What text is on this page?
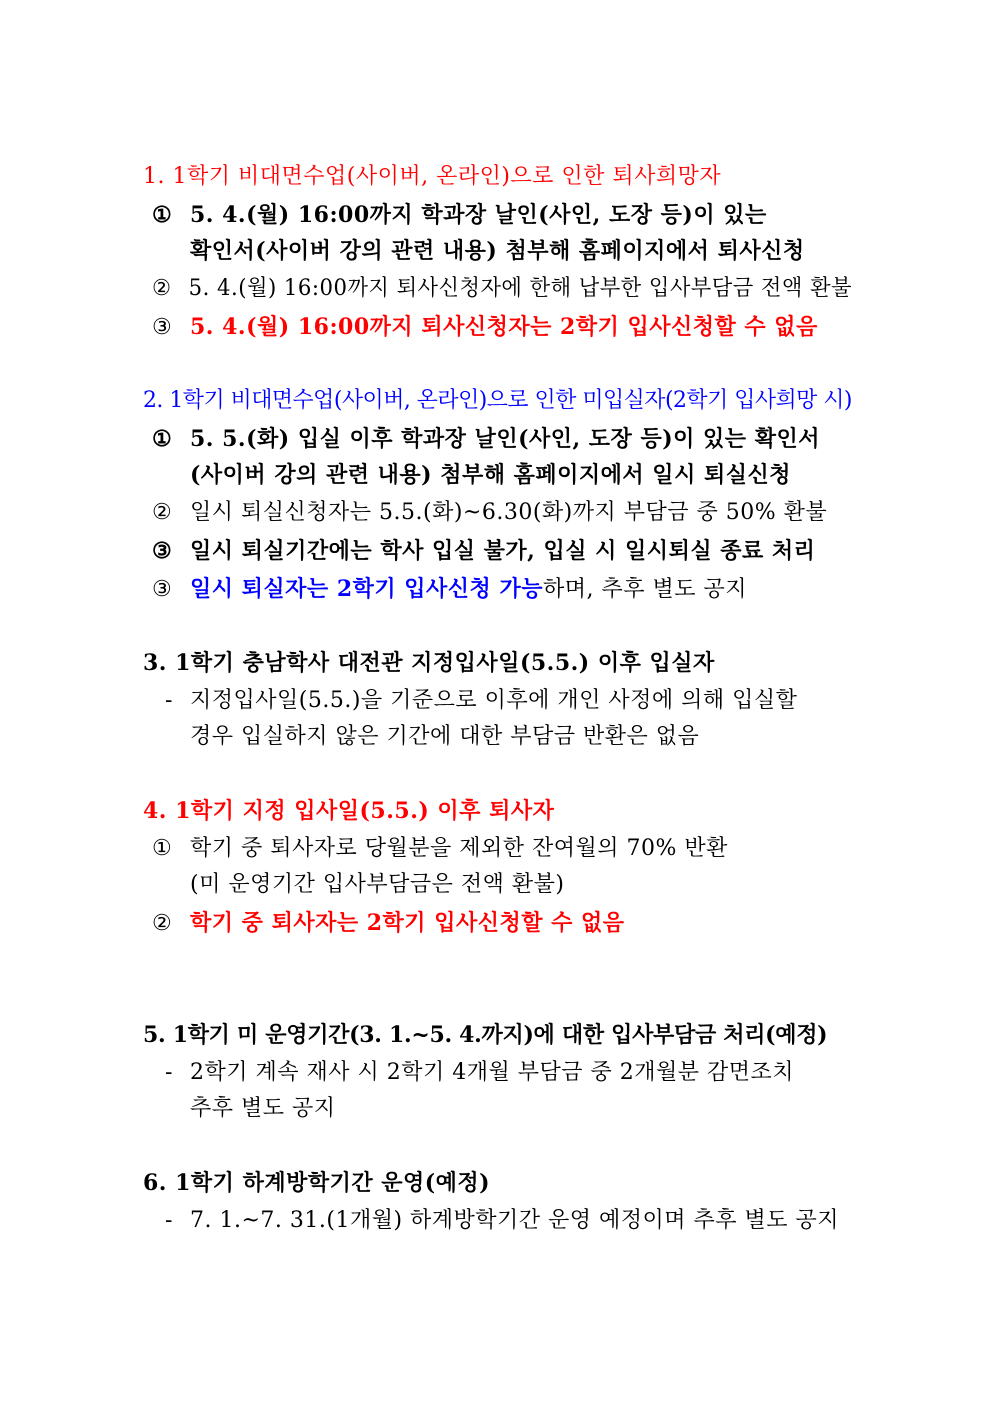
1. 1학기 비대면수업(사이버, 온라인)으로 인한 퇴사희망자
① 5. 4.(월) 16:00까지 학과장 날인(사인, 도장 등)이 있는
확인서(사이버 강의 관련 내용) 첨부해 홈페이지에서 퇴사신청
② 5. 4.(월) 16:00까지 퇴사신청자에 한해 납부한 입사부담금 전액 환불
③ 5. 4.(월) 16:00까지 퇴사신청자는 2학기 입사신청할 수 없음
2. 1학기 비대면수업(사이버, 온라인)으로 인한 미입실자(2학기 입사희망 시)
① 5. 5.(화) 입실 이후 학과장 날인(사인, 도장 등)이 있는 확인서
(사이버 강의 관련 내용) 첨부해 홈페이지에서 일시 퇴실신청
② 일시 퇴실신청자는 5.5.(화)~6.30(화)까지 부담금 중 50% 환불
③ 일시 퇴실기간에는 학사 입실 불가, 입실 시 일시퇴실 종료 처리
③ 일시 퇴실자는 2학기 입사신청 가능하며, 추후 별도 공지
3. 1학기 충남학사 대전관 지정입사일(5.5.) 이후 입실자
- 지정입사일(5.5.)을 기준으로 이후에 개인 사정에 의해 입실할
경우 입실하지 않은 기간에 대한 부담금 반환은 없음
4. 1학기 지정 입사일(5.5.) 이후 퇴사자
① 학기 중 퇴사자로 당월분을 제외한 잔여월의 70% 반환
(미 운영기간 입사부담금은 전액 환불)
② 학기 중 퇴사자는 2학기 입사신청할 수 없음
5. 1학기 미 운영기간(3. 1.~5. 4.까지)에 대한 입사부담금 처리(예정)
- 2학기 계속 재사 시 2학기 4개월 부담금 중 2개월분 감면조치
추후 별도 공지
6. 1학기 하계방학기간 운영(예정)
- 7. 1.~7. 31.(1개월) 하계방학기간 운영 예정이며 추후 별도 공지
